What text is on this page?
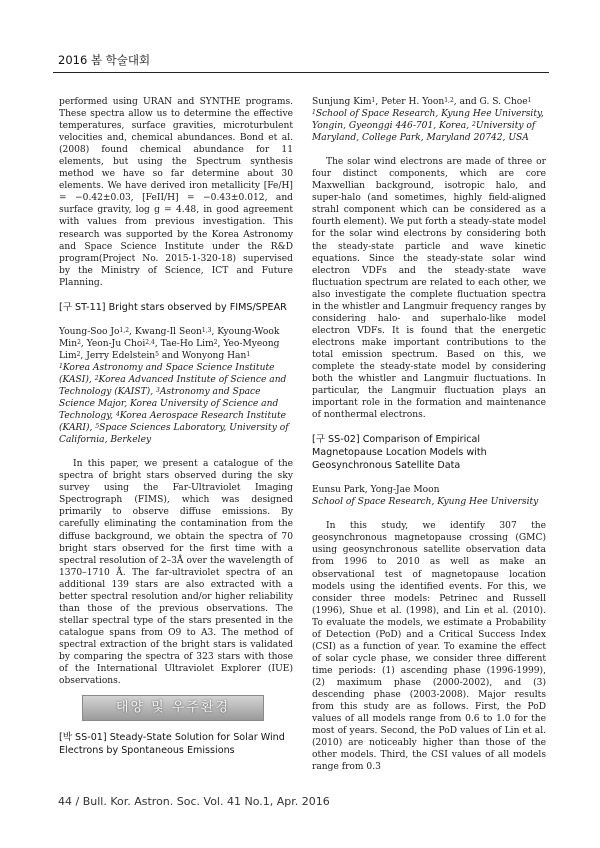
2016 봄 학술대회

performed using URAN and SYNTHE programs. These spectra allow us to determine the effective temperatures, surface gravities, microturbulent velocities and, chemical abundances. Bond et al. (2008) found chemical abundance for 11 elements, but using the Spectrum synthesis method we have so far determine about 30 elements. We have derived iron metallicity [Fe/H] = −0.42±0.03, [FeII/H] = −0.43±0.012, and surface gravity, log g = 4.48, in good agreement with values from previous investigation. This research was supported by the Korea Astronomy and Space Science Institute under the R&D program(Project No. 2015-1-320-18) supervised by the Ministry of Science, ICT and Future Planning.

[구 ST-11] Bright stars observed by FIMS/SPEAR

Young-Soo Jo$^{1,2}$, Kwang-Il Seon$^{1,3}$, Kyoung-Wook Min$^2$, Yeon-Ju Choi$^{2,4}$, Tae-Ho Lim$^2$, Yeo-Myeong Lim$^2$, Jerry Edelstein$^5$ and Wonyong Han$^1$

$^1$Korea Astronomy and Space Science Institute (KASI), $^2$Korea Advanced Institute of Science and Technology (KAIST), $^3$Astronomy and Space Science Major, Korea University of Science and Technology, $^4$Korea Aerospace Research Institute (KARI), $^5$Space Sciences Laboratory, University of California, Berkeley

In this paper, we present a catalogue of the spectra of bright stars observed during the sky survey using the Far-Ultraviolet Imaging Spectrograph (FIMS), which was designed primarily to observe diffuse emissions. By carefully eliminating the contamination from the diffuse background, we obtain the spectra of 70 bright stars observed for the first time with a spectral resolution of 2–3Å over the wavelength of 1370–1710 Å. The far-ultraviolet spectra of an additional 139 stars are also extracted with a better spectral resolution and/or higher reliability than those of the previous observations. The stellar spectral type of the stars presented in the catalogue spans from O9 to A3. The method of spectral extraction of the bright stars is validated by comparing the spectra of 323 stars with those of the International Ultraviolet Explorer (IUE) observations.

태양 및 우주환경
[박 SS-01] Steady-State Solution for Solar Wind Electrons by Spontaneous Emissions

Sunjung Kim$^1$, Peter H. Yoon$^{1,2}$, and G. S. Choe$^1$

$^1$School of Space Research, Kyung Hee University, Yongin, Gyeonggi 446-701, Korea, $^2$University of Maryland, College Park, Maryland 20742, USA

The solar wind electrons are made of three or four distinct components, which are core Maxwellian background, isotropic halo, and super-halo (and sometimes, highly field-aligned strahl component which can be considered as a fourth element). We put forth a steady-state model for the solar wind electrons by considering both the steady-state particle and wave kinetic equations. Since the steady-state solar wind electron VDFs and the steady-state wave fluctuation spectrum are related to each other, we also investigate the complete fluctuation spectra in the whistler and Langmuir frequency ranges by considering halo- and superhalo-like model electron VDFs. It is found that the energetic electrons make important contributions to the total emission spectrum. Based on this, we complete the steady-state model by considering both the whistler and Langmuir fluctuations. In particular, the Langmuir fluctuation plays an important role in the formation and maintenance of nonthermal electrons.

[구 SS-02] Comparison of Empirical Magnetopause Location Models with Geosynchronous Satellite Data

Eunsu Park, Yong-Jae Moon

School of Space Research, Kyung Hee University

In this study, we identify 307 the geosynchronous magnetopause crossing (GMC) using geosynchronous satellite observation data from 1996 to 2010 as well as make an observational test of magnetopause location models using the identified events. For this, we consider three models: Petrinec and Russell (1996), Shue et al. (1998), and Lin et al. (2010). To evaluate the models, we estimate a Probability of Detection (PoD) and a Critical Success Index (CSI) as a function of year. To examine the effect of solar cycle phase, we consider three different time periods: (1) ascending phase (1996-1999), (2) maximum phase (2000-2002), and (3) descending phase (2003-2008). Major results from this study are as follows. First, the PoD values of all models range from 0.6 to 1.0 for the most of years. Second, the PoD values of Lin et al. (2010) are noticeably higher than those of the other models. Third, the CSI values of all models range from 0.3

44 / Bull. Kor. Astron. Soc. Vol. 41 No.1, Apr. 2016
